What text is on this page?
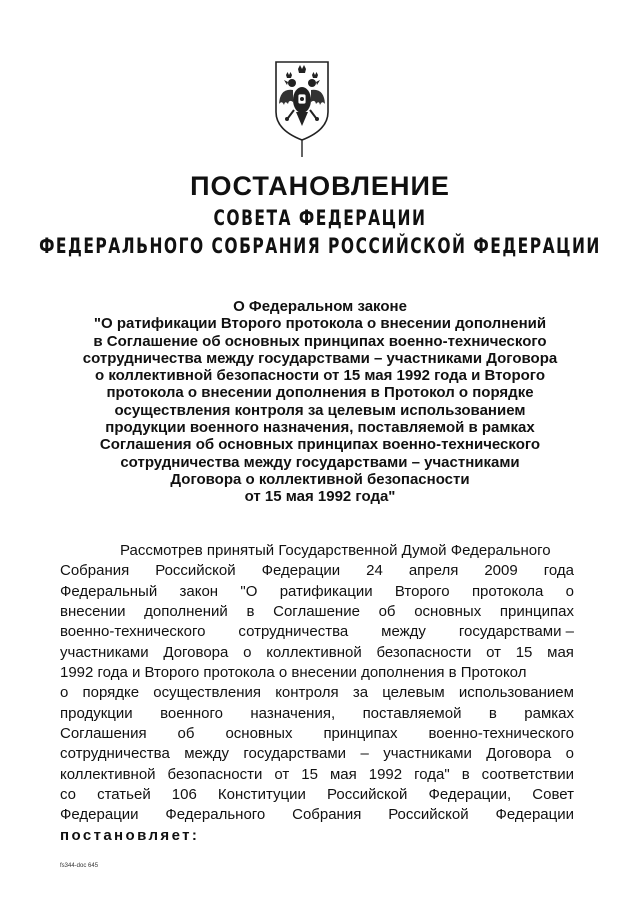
ПОСТАНОВЛЕНИЕ
СОВЕТА ФЕДЕРАЦИИ
ФЕДЕРАЛЬНОГО СОБРАНИЯ РОССИЙСКОЙ ФЕДЕРАЦИИ
О Федеральном законе
"О ратификации Второго протокола о внесении дополнений
в Соглашение об основных принципах военно-технического
сотрудничества между государствами – участниками Договора
о коллективной безопасности от 15 мая 1992 года и Второго
протокола о внесении дополнения в Протокол о порядке
осуществления контроля за целевым использованием
продукции военного назначения, поставляемой в рамках
Соглашения об основных принципах военно-технического
сотрудничества между государствами – участниками
Договора о коллективной безопасности
от 15 мая 1992 года"
Рассмотрев принятый Государственной Думой Федерального
Собрания Российской Федерации 24 апреля 2009 года
Федеральный закон "О ратификации Второго протокола о
внесении дополнений в Соглашение об основных принципах
военно-технического сотрудничества между государствами –
участниками Договора о коллективной безопасности от 15 мая
1992 года и Второго протокола о внесении дополнения в Протокол
о порядке осуществления контроля за целевым использованием
продукции военного назначения, поставляемой в рамках
Соглашения об основных принципах военно-технического
сотрудничества между государствами – участниками Договора о
коллективной безопасности от 15 мая 1992 года" в соответствии
со статьей 106 Конституции Российской Федерации, Совет
Федерации Федерального Собрания Российской Федерации
постановляет:
fs344-doc 645
